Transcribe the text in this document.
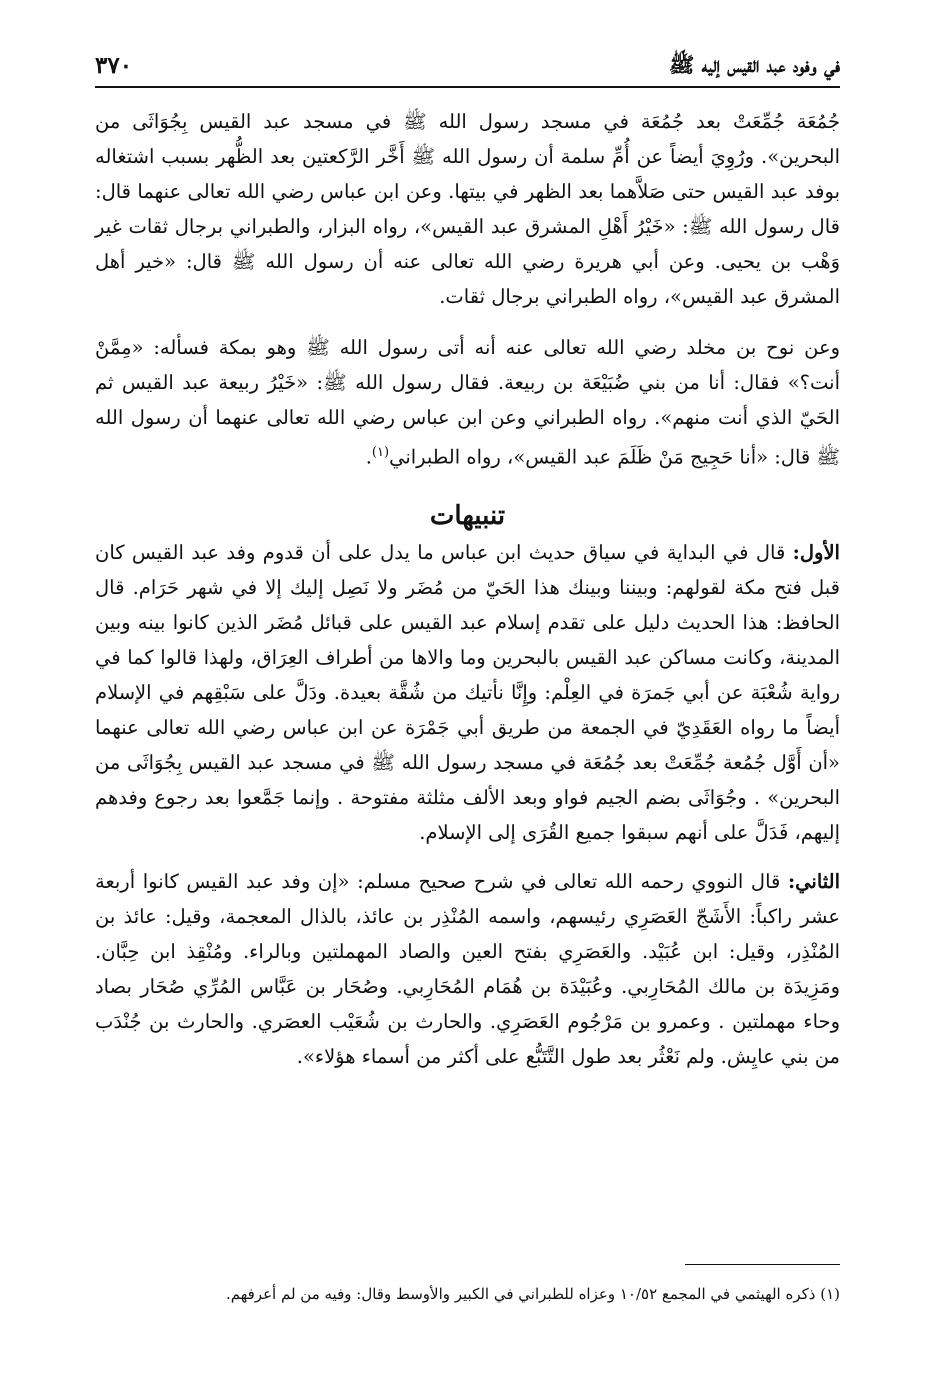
في وفود عبد القيس إليه ﷺ
٣٧٠

جُمُعَة جُمِّعَتْ بعد جُمُعَة في مسجد رسول الله ﷺ في مسجد عبد القيس بِجُوَاثَى من البحرين». ورُوِيَ أيضاً عن أُمِّ سلمة أن رسول الله ﷺ أَخَّر الرَّكعتين بعد الظُّهر بسبب اشتغاله بوفد عبد القيس حتى صَلاَّهما بعد الظهر في بيتها. وعن ابن عباس رضي الله تعالى عنهما قال: قال رسول الله ﷺ: «خَيْرُ أَهْلِ المشرق عبد القيس»، رواه البزار، والطبراني برجال ثقات غير وَهْب بن يحيى. وعن أبي هريرة رضي الله تعالى عنه أن رسول الله ﷺ قال: «خير أهل المشرق عبد القيس»، رواه الطبراني برجال ثقات.

وعن نوح بن مخلد رضي الله تعالى عنه أنه أتى رسول الله ﷺ وهو بمكة فسأله: «مِمَّنْ أنت؟» فقال: أنا من بني ضُبَيْعَة بن ربيعة. فقال رسول الله ﷺ: «خَيْرُ ربيعة عبد القيس ثم الحَيّ الذي أنت منهم». رواه الطبراني وعن ابن عباس رضي الله تعالى عنهما أن رسول الله ﷺ قال: «أنا حَجِيج مَنْ ظَلَمَ عبد القيس»، رواه الطبراني$^{(١)}$.

تنبيهات

الأول: قال في البداية في سياق حديث ابن عباس ما يدل على أن قدوم وفد عبد القيس كان قبل فتح مكة لقولهم: وبيننا وبينك هذا الحَيّ من مُضَر ولا نَصِل إليك إلا في شهر حَرَام. قال الحافظ: هذا الحديث دليل على تقدم إسلام عبد القيس على قبائل مُضَر الذين كانوا بينه وبين المدينة، وكانت مساكن عبد القيس بالبحرين وما والاها من أطراف العِرَاق، ولهذا قالوا كما في رواية شُعْبَة عن أبي جَمرَة في العِلْم: وإِنَّا نأتيك من شُقَّة بعيدة. ودَلَّ على سَبْقِهم في الإسلام أيضاً ما رواه العَقَدِيّ في الجمعة من طريق أبي جَمْرَة عن ابن عباس رضي الله تعالى عنهما «أن أَوَّل جُمُعة جُمِّعَتْ بعد جُمُعَة في مسجد رسول الله ﷺ في مسجد عبد القيس بِجُوَاثَى من البحرين» . وجُوَاثَى بضم الجيم فواو وبعد الألف مثلثة مفتوحة . وإنما جَمَّعوا بعد رجوع وفدهم إليهم، فَدَلَّ على أنهم سبقوا جميع القُرَى إلى الإسلام.

الثاني: قال النووي رحمه الله تعالى في شرح صحيح مسلم: «إن وفد عبد القيس كانوا أربعة عشر راكباً: الأَشَجّ العَصَرِي رئيسهم، واسمه المُنْذِر بن عائذ، بالذال المعجمة، وقيل: عائذ بن المُنْذِر، وقيل: ابن عُبَيْد. والعَصَرِي بفتح العين والصاد المهملتين وبالراء. ومُنْقِذ ابن حِبَّان. ومَزِيدَة بن مالك المُحَارِبي. وعُبَيْدَة بن هُمَام المُحَارِبي. وصُحَار بن عَبَّاس المُرِّي صُحَار بصاد وحاء مهملتين . وعمرو بن مَرْجُوم العَصَرِي. والحارث بن شُعَيْب العصَري. والحارث بن جُنْدَب من بني عايِش. ولم نَعْثُر بعد طول التَّتَبُّع على أكثر من أسماء هؤلاء».

(١) ذكره الهيثمي في المجمع ١٠/٥٢ وعزاه للطبراني في الكبير والأوسط وقال: وفيه من لم أعرفهم.
